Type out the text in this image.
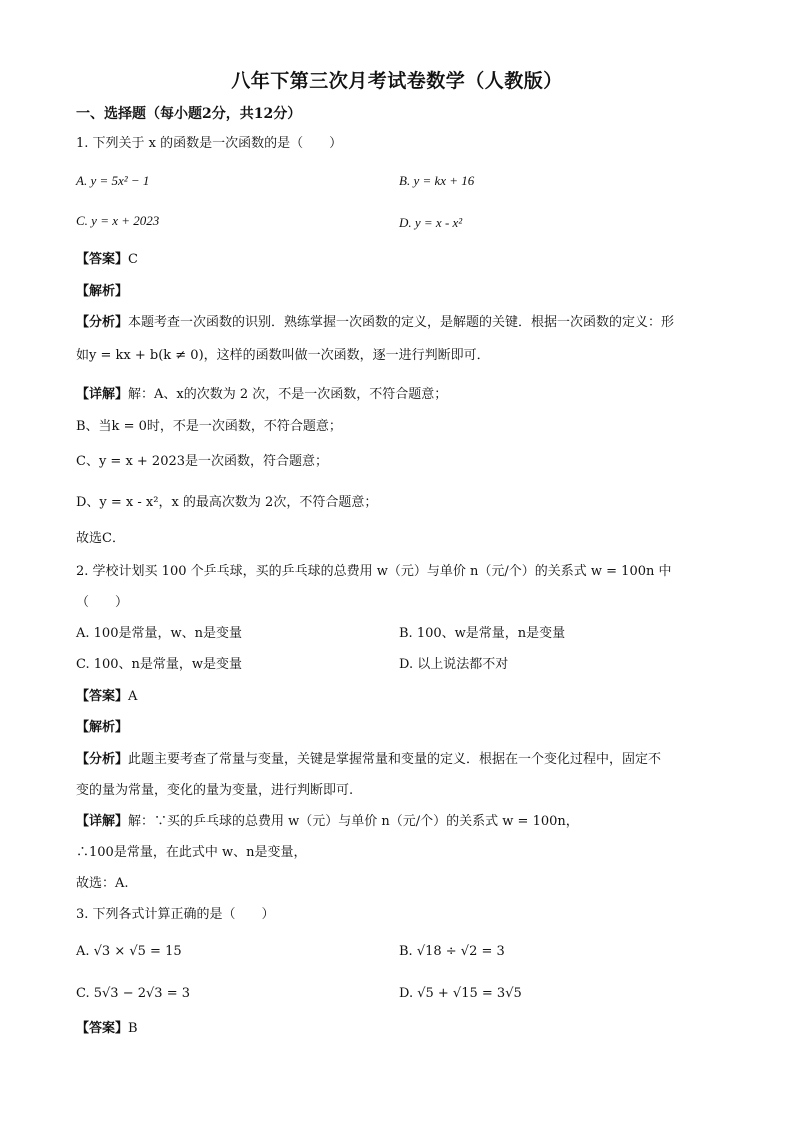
八年下第三次月考试卷数学（人教版）
一、选择题（每小题2分，共12分）
1. 下列关于 x 的函数是一次函数的是（　　）
A. y = 5x² − 1	B. y = kx + 16
C. y = x + 2023	D. y = x - x²
【答案】C
【解析】
【分析】本题考查一次函数的识别．熟练掌握一次函数的定义，是解题的关键．根据一次函数的定义：形
如y = kx + b(k ≠ 0)，这样的函数叫做一次函数，逐一进行判断即可．
【详解】解：A、x的次数为 2 次，不是一次函数，不符合题意；
B、当k = 0时，不是一次函数，不符合题意；
C、y = x + 2023是一次函数，符合题意；
D、y = x - x²，x 的最高次数为 2次，不符合题意；
故选C．
2. 学校计划买 100 个乒乓球，买的乒乓球的总费用 w（元）与单价 n（元/个）的关系式 w = 100n 中
（　　）
A. 100是常量，w、n是变量	B. 100、w是常量，n是变量
C. 100、n是常量，w是变量	D. 以上说法都不对
【答案】A
【解析】
【分析】此题主要考查了常量与变量，关键是掌握常量和变量的定义．根据在一个变化过程中，固定不
变的量为常量，变化的量为变量，进行判断即可.
【详解】解：∵买的乒乓球的总费用 w（元）与单价 n（元/个）的关系式 w = 100n，
∴100是常量，在此式中 w、n是变量，
故选：A.
3. 下列各式计算正确的是（　　）
A. √3 × √5 = 15	B. √18 ÷ √2 = 3
C. 5√3 − 2√3 = 3	D. √5 + √15 = 3√5
【答案】B
